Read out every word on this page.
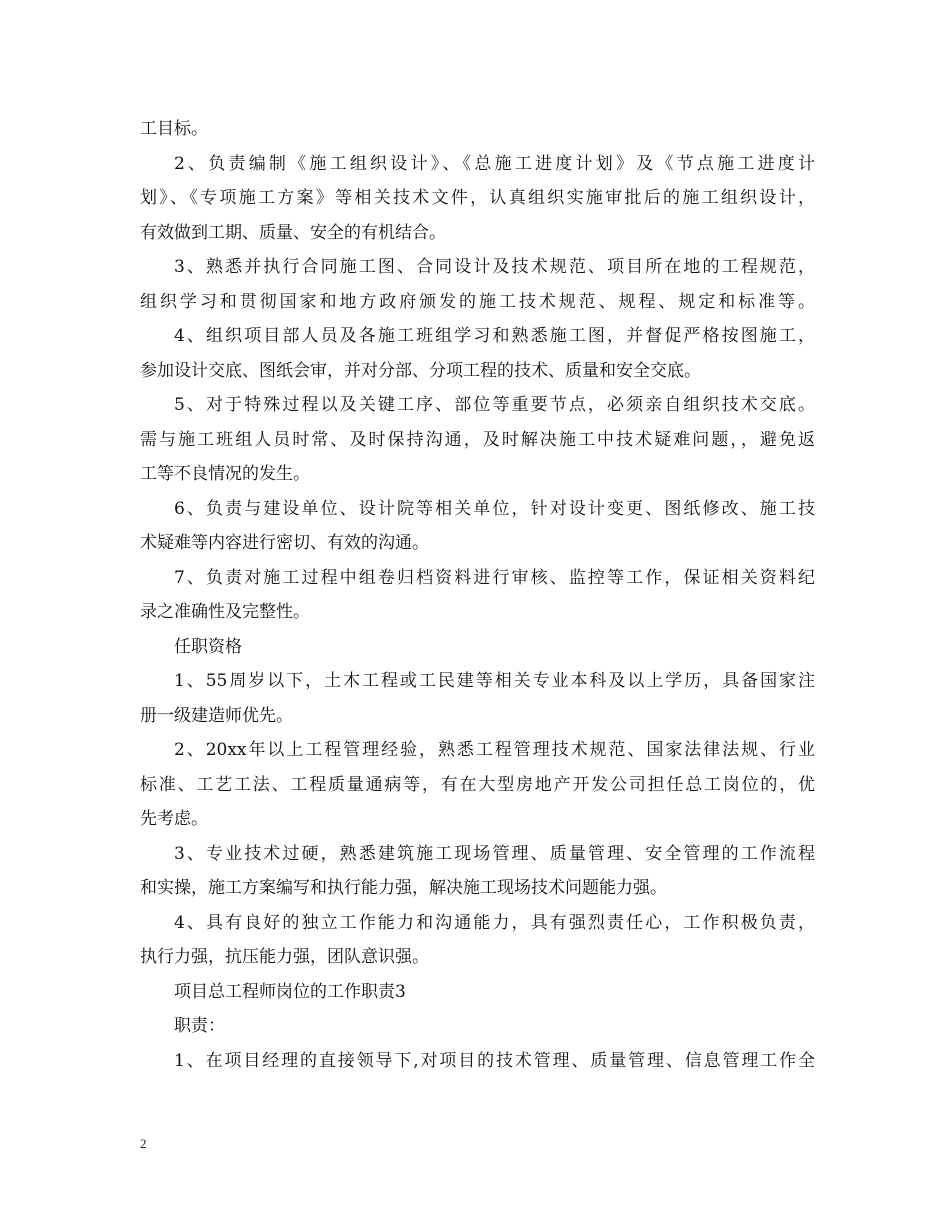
工目标。
2、负责编制《施工组织设计》、《总施工进度计划》及《节点施工进度计
划》、《专项施工方案》等相关技术文件，认真组织实施审批后的施工组织设计，
有效做到工期、质量、安全的有机结合。
3、熟悉并执行合同施工图、合同设计及技术规范、项目所在地的工程规范，
组织学习和贯彻国家和地方政府颁发的施工技术规范、规程、规定和标准等。
4、组织项目部人员及各施工班组学习和熟悉施工图，并督促严格按图施工，
参加设计交底、图纸会审，并对分部、分项工程的技术、质量和安全交底。
5、对于特殊过程以及关键工序、部位等重要节点，必须亲自组织技术交底。
需与施工班组人员时常、及时保持沟通，及时解决施工中技术疑难问题，，避免返
工等不良情况的发生。
6、负责与建设单位、设计院等相关单位，针对设计变更、图纸修改、施工技
术疑难等内容进行密切、有效的沟通。
7、负责对施工过程中组卷归档资料进行审核、监控等工作，保证相关资料纪
录之准确性及完整性。
任职资格
1、55周岁以下，土木工程或工民建等相关专业本科及以上学历，具备国家注
册一级建造师优先。
2、20xx年以上工程管理经验，熟悉工程管理技术规范、国家法律法规、行业
标准、工艺工法、工程质量通病等，有在大型房地产开发公司担任总工岗位的，优
先考虑。
3、专业技术过硬，熟悉建筑施工现场管理、质量管理、安全管理的工作流程
和实操，施工方案编写和执行能力强，解决施工现场技术问题能力强。
4、具有良好的独立工作能力和沟通能力，具有强烈责任心，工作积极负责，
执行力强，抗压能力强，团队意识强。
项目总工程师岗位的工作职责3
职责：
1、在项目经理的直接领导下,对项目的技术管理、质量管理、信息管理工作全
2
